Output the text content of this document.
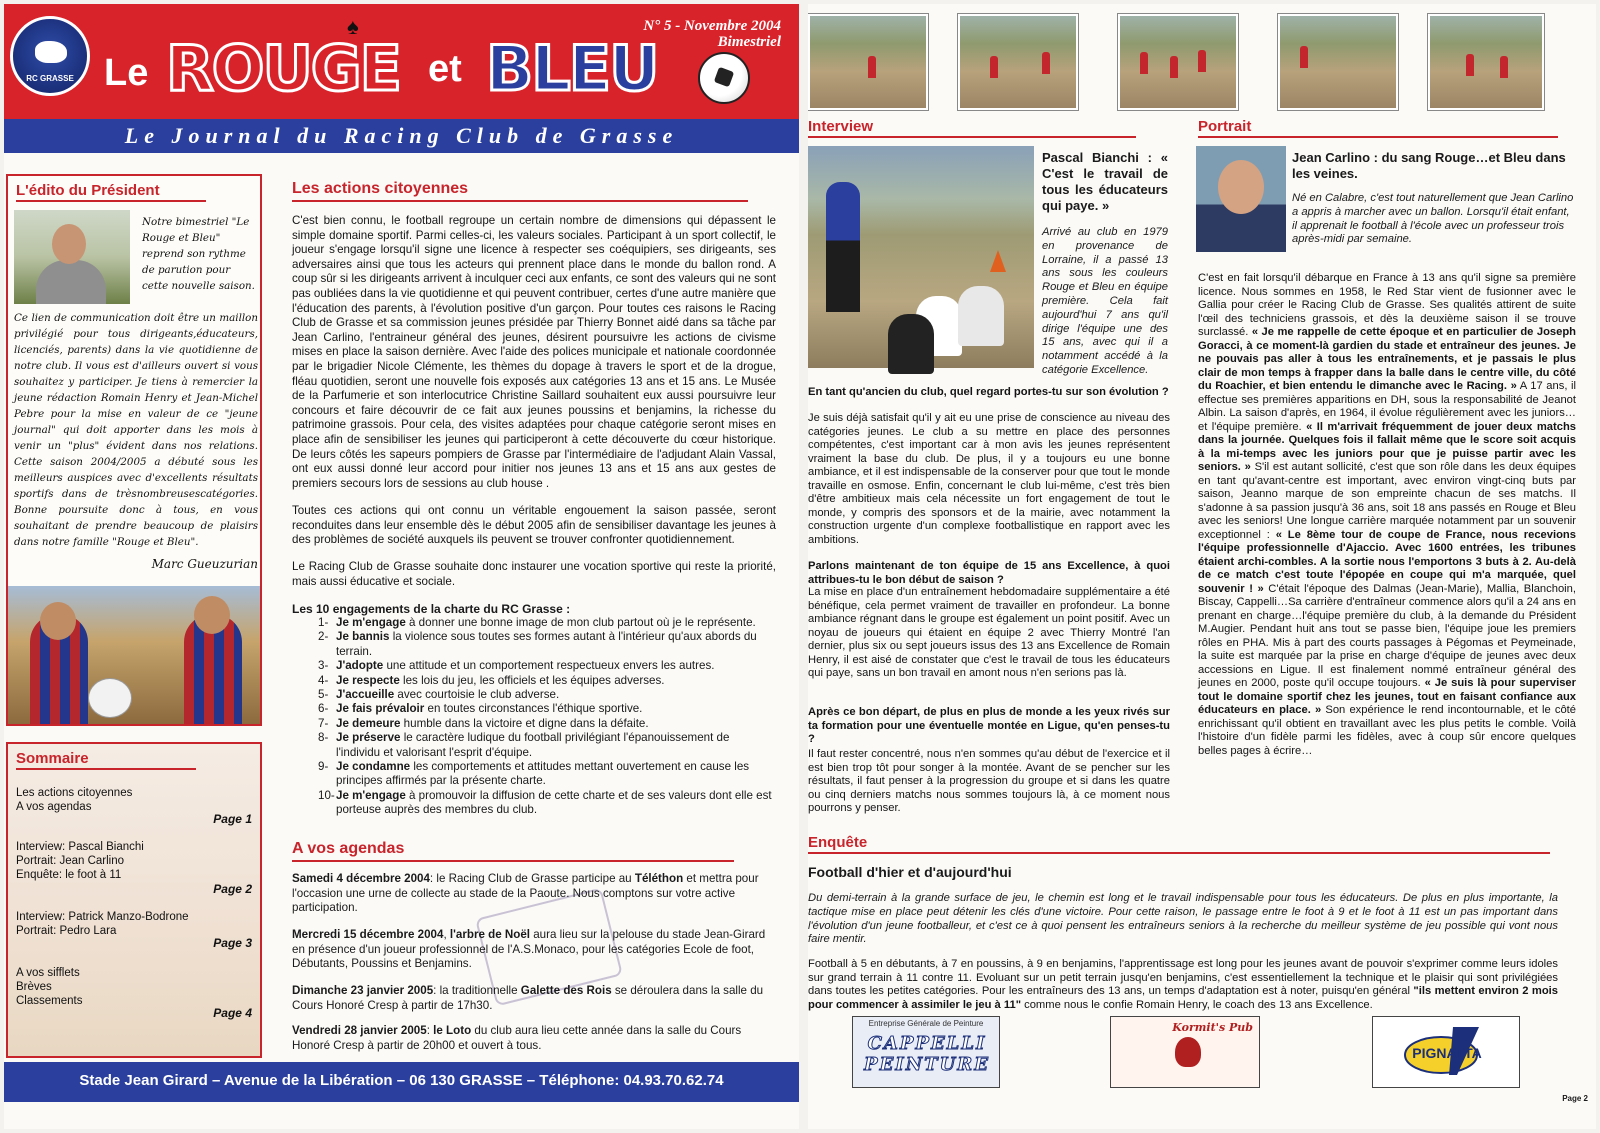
RC GRASSE
♠
Le ROUGE et BLEU
N° 5 - Novembre 2004
Bimestriel
Le Journal du Racing Club de Grasse
L'édito du Président
Notre bimestriel "Le Rouge et Bleu" reprend son rythme de parution pour cette nouvelle saison.
Ce lien de communication doit être un maillon privilégié pour tous dirigeants,éducateurs, licenciés, parents) dans la vie quotidienne de notre club. Il vous est d'ailleurs ouvert si vous souhaitez y participer. Je tiens à remercier la jeune rédaction Romain Henry et Jean-Michel Pebre pour la mise en valeur de ce "jeune journal" qui doit apporter dans les mois à venir un "plus" évident dans nos relations. Cette saison 2004/2005 a débuté sous les meilleurs auspices avec d'excellents résultats sportifs dans de trèsnombreusescatégories. Bonne poursuite donc à tous, en vous souhaitant de prendre beaucoup de plaisirs dans notre famille "Rouge et Bleu".
Marc Gueuzurian
Sommaire
Les actions citoyennes
A vos agendas
Page 1
Interview: Pascal Bianchi
Portrait: Jean Carlino
Enquête: le foot à 11
Page 2
Interview: Patrick Manzo-Bodrone
Portrait: Pedro Lara
Page 3
A vos sifflets
Brèves
Classements
Page 4
Les actions citoyennes
C'est bien connu, le football regroupe un certain nombre de dimensions qui dépassent le simple domaine sportif. Parmi celles-ci, les valeurs sociales. Participant à un sport collectif, le joueur s'engage lorsqu'il signe une licence à respecter ses coéquipiers, ses dirigeants, ses adversaires ainsi que tous les acteurs qui prennent place dans le monde du ballon rond. A coup sûr si les dirigeants arrivent à inculquer ceci aux enfants, ce sont des valeurs qui ne sont pas oubliées dans la vie quotidienne et qui peuvent contribuer, certes d'une autre manière que l'éducation des parents, à l'évolution positive d'un garçon. Pour toutes ces raisons le Racing Club de Grasse et sa commission jeunes présidée par Thierry Bonnet aidé dans sa tâche par Jean Carlino, l'entraineur général des jeunes, désirent poursuivre les actions de civisme mises en place la saison dernière. Avec l'aide des polices municipale et nationale coordonnée par le brigadier Nicole Clémente, les thèmes du dopage à travers le sport et de la drogue, fléau quotidien, seront une nouvelle fois exposés aux catégories 13 ans et 15 ans. Le Musée de la Parfumerie et son interlocutrice Christine Saillard souhaitent eux aussi poursuivre leur concours et faire découvrir de ce fait aux jeunes poussins et benjamins, la richesse du patrimoine grassois. Pour cela, des visites adaptées pour chaque catégorie seront mises en place afin de sensibiliser les jeunes qui participeront à cette découverte du cœur historique. De leurs côtés les sapeurs pompiers de Grasse par l'intermédiaire de l'adjudant Alain Vassal, ont eux aussi donné leur accord pour initier nos jeunes 13 ans et 15 ans aux gestes de premiers secours lors de sessions au club house .
Toutes ces actions qui ont connu un véritable engouement la saison passée, seront reconduites dans leur ensemble dès le début 2005 afin de sensibiliser davantage les jeunes à des problèmes de société auxquels ils peuvent se trouver confronter quotidiennement.
Le Racing Club de Grasse souhaite donc instaurer une vocation sportive qui reste la priorité, mais aussi éducative et sociale.
Les 10 engagements de la charte du RC Grasse :
1- Je m'engage à donner une bonne image de mon club partout où je le représente.
2- Je bannis la violence sous toutes ses formes autant à l'intérieur qu'aux abords du terrain.
3- J'adopte une attitude et un comportement respectueux envers les autres.
4- Je respecte les lois du jeu, les officiels et les équipes adverses.
5- J'accueille avec courtoisie le club adverse.
6- Je fais prévaloir en toutes circonstances l'éthique sportive.
7- Je demeure humble dans la victoire et digne dans la défaite.
8- Je préserve le caractère ludique du football privilégiant l'épanouissement de l'individu et valorisant l'esprit d'équipe.
9- Je condamne les comportements et attitudes mettant ouvertement en cause les principes affirmés par la présente charte.
10- Je m'engage à promouvoir la diffusion de cette charte et de ses valeurs dont elle est porteuse auprès des membres du club.
A vos agendas
Samedi 4 décembre 2004: le Racing Club de Grasse participe au Téléthon et mettra pour l'occasion une urne de collecte au stade de la Paoute. Nous comptons sur votre active participation.
Mercredi 15 décembre 2004, l'arbre de Noël aura lieu sur la pelouse du stade Jean-Girard en présence d'un joueur professionnel de l'A.S.Monaco, pour les catégories Ecole de foot, Débutants, Poussins et Benjamins.
Dimanche 23 janvier 2005: la traditionnelle Galette des Rois se déroulera dans la salle du Cours Honoré Cresp à partir de 17h30.
Vendredi 28 janvier 2005: le Loto du club aura lieu cette année dans la salle du Cours Honoré Cresp à partir de 20h00 et ouvert à tous.
Stade Jean Girard – Avenue de la Libération – 06 130 GRASSE – Téléphone: 04.93.70.62.74
Interview
Pascal Bianchi : « C'est le travail de tous les éducateurs qui paye. »
Arrivé au club en 1979 en provenance de Lorraine, il a passé 13 ans sous les couleurs Rouge et Bleu en équipe première. Cela fait aujourd'hui 7 ans qu'il dirige l'équipe une des 15 ans, avec qui il a notamment accédé à la catégorie Excellence.
En tant qu'ancien du club, quel regard portes-tu sur son évolution ?
Je suis déjà satisfait qu'il y ait eu une prise de conscience au niveau des catégories jeunes. Le club a su mettre en place des personnes compétentes, c'est important car à mon avis les jeunes représentent vraiment la base du club. De plus, il y a toujours eu une bonne ambiance, et il est indispensable de la conserver pour que tout le monde travaille en osmose. Enfin, concernant le club lui-même, c'est très bien d'être ambitieux mais cela nécessite un fort engagement de tout le monde, y compris des sponsors et de la mairie, avec notamment la construction urgente d'un complexe footballistique en rapport avec les ambitions.
Parlons maintenant de ton équipe de 15 ans Excellence, à quoi attribues-tu le bon début de saison ?
La mise en place d'un entraînement hebdomadaire supplémentaire a été bénéfique, cela permet vraiment de travailler en profondeur. La bonne ambiance régnant dans le groupe est également un point positif. Avec un noyau de joueurs qui étaient en équipe 2 avec Thierry Montré l'an dernier, plus six ou sept joueurs issus des 13 ans Excellence de Romain Henry, il est aisé de constater que c'est le travail de tous les éducateurs qui paye, sans un bon travail en amont nous n'en serions pas là.
Après ce bon départ, de plus en plus de monde a les yeux rivés sur ta formation pour une éventuelle montée en Ligue, qu'en penses-tu ?
Il faut rester concentré, nous n'en sommes qu'au début de l'exercice et il est bien trop tôt pour songer à la montée. Avant de se pencher sur les résultats, il faut penser à la progression du groupe et si dans les quatre ou cinq derniers matchs nous sommes toujours là, à ce moment nous pourrons y penser.
Portrait
Jean Carlino : du sang Rouge…et Bleu dans les veines.
Né en Calabre, c'est tout naturellement que Jean Carlino a appris à marcher avec un ballon. Lorsqu'il était enfant, il apprenait le football à l'école avec un professeur trois après-midi par semaine.
C'est en fait lorsqu'il débarque en France à 13 ans qu'il signe sa première licence. Nous sommes en 1958, le Red Star vient de fusionner avec le Gallia pour créer le Racing Club de Grasse. Ses qualités attirent de suite l'œil des techniciens grassois, et dès la deuxième saison il se trouve surclassé. « Je me rappelle de cette époque et en particulier de Joseph Goracci, à ce moment-là gardien du stade et entraîneur des jeunes. Je ne pouvais pas aller à tous les entraînements, et je passais le plus clair de mon temps à frapper dans la balle dans le centre ville, du côté du Roachier, et bien entendu le dimanche avec le Racing. » A 17 ans, il effectue ses premières apparitions en DH, sous la responsabilité de Jeanot Albin. La saison d'après, en 1964, il évolue régulièrement avec les juniors… et l'équipe première. « Il m'arrivait fréquemment de jouer deux matchs dans la journée. Quelques fois il fallait même que le score soit acquis à la mi-temps avec les juniors pour que je puisse partir avec les seniors. » S'il est autant sollicité, c'est que son rôle dans les deux équipes en tant qu'avant-centre est important, avec environ vingt-cinq buts par saison, Jeanno marque de son empreinte chacun de ses matchs. Il s'adonne à sa passion jusqu'à 36 ans, soit 18 ans passés en Rouge et Bleu avec les seniors! Une longue carrière marquée notamment par un souvenir exceptionnel : « Le 8ème tour de coupe de France, nous recevions l'équipe professionnelle d'Ajaccio. Avec 1600 entrées, les tribunes étaient archi-combles. A la sortie nous l'emportons 3 buts à 2. Au-delà de ce match c'est toute l'épopée en coupe qui m'a marquée, quel souvenir ! » C'était l'époque des Dalmas (Jean-Marie), Mallia, Blanchoin, Biscay, Cappelli…Sa carrière d'entraîneur commence alors qu'il a 24 ans en prenant en charge…l'équipe première du club, à la demande du Président M.Augier. Pendant huit ans tout se passe bien, l'équipe joue les premiers rôles en PHA. Mis à part des courts passages à Pégomas et Peymeinade, la suite est marquée par la prise en charge d'équipe de jeunes avec deux accessions en Ligue. Il est finalement nommé entraîneur général des jeunes en 2000, poste qu'il occupe toujours. « Je suis là pour superviser tout le domaine sportif chez les jeunes, tout en faisant confiance aux éducateurs en place. » Son expérience le rend incontournable, et le côté enrichissant qu'il obtient en travaillant avec les plus petits le comble. Voilà l'histoire d'un fidèle parmi les fidèles, avec à coup sûr encore quelques belles pages à écrire…
Enquête
Football d'hier et d'aujourd'hui
Du demi-terrain à la grande surface de jeu, le chemin est long et le travail indispensable pour tous les éducateurs. De plus en plus importante, la tactique mise en place peut détenir les clés d'une victoire. Pour cette raison, le passage entre le foot à 9 et le foot à 11 est un pas important dans l'évolution d'un jeune footballeur, et c'est ce à quoi pensent les entraîneurs seniors à la recherche du meilleur système de jeu possible qui vont nous faire mentir.
Football à 5 en débutants, à 7 en poussins, à 9 en benjamins, l'apprentissage est long pour les jeunes avant de pouvoir s'exprimer comme leurs idoles sur grand terrain à 11 contre 11. Evoluant sur un petit terrain jusqu'en benjamins, c'est essentiellement la technique et le plaisir qui sont privilégiées dans toutes les petites catégories. Pour les entraîneurs des 13 ans, un temps d'adaptation est à noter, puisqu'en général "ils mettent environ 2 mois pour commencer à assimiler le jeu à 11" comme nous le confie Romain Henry, le coach des 13 ans Excellence.
Entreprise Générale de Peinture
CAPPELLI PEINTURE
Kormit's Pub
PIGNATTA
Page 2
